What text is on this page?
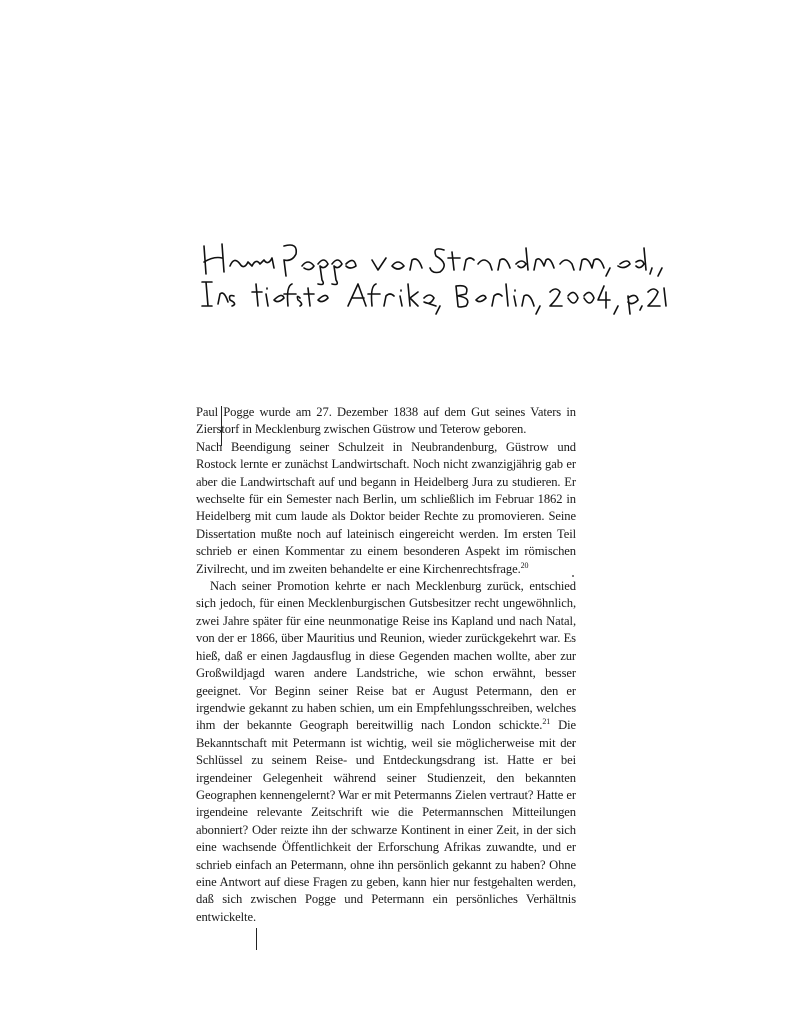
Paul Pogge wurde am 27. Dezember 1838 auf dem Gut seines Vaters in Zierstorf in Mecklenburg zwischen Güstrow und Teterow geboren.

Nach Beendigung seiner Schulzeit in Neubrandenburg, Güstrow und Rostock lernte er zunächst Landwirtschaft. Noch nicht zwanzigjährig gab er aber die Landwirtschaft auf und begann in Heidelberg Jura zu studieren. Er wechselte für ein Semester nach Berlin, um schließlich im Februar 1862 in Heidelberg mit cum laude als Doktor beider Rechte zu promovieren. Seine Dissertation mußte noch auf lateinisch eingereicht werden. Im ersten Teil schrieb er einen Kommentar zu einem besonderen Aspekt im römischen Zivilrecht, und im zweiten behandelte er eine Kirchenrechtsfrage.$^{20}$

Nach seiner Promotion kehrte er nach Mecklenburg zurück, entschied sich jedoch, für einen Mecklenburgischen Gutsbesitzer recht ungewöhnlich, zwei Jahre später für eine neunmonatige Reise ins Kapland und nach Natal, von der er 1866, über Mauritius und Reunion, wieder zurückgekehrt war. Es hieß, daß er einen Jagdausflug in diese Gegenden machen wollte, aber zur Großwildjagd waren andere Landstriche, wie schon erwähnt, besser geeignet. Vor Beginn seiner Reise bat er August Petermann, den er irgendwie gekannt zu haben schien, um ein Empfehlungsschreiben, welches ihm der bekannte Geograph bereitwillig nach London schickte.$^{21}$ Die Bekanntschaft mit Petermann ist wichtig, weil sie möglicherweise mit der Schlüssel zu seinem Reise- und Entdeckungsdrang ist. Hatte er bei irgendeiner Gelegenheit während seiner Studienzeit, den bekannten Geographen kennengelernt? War er mit Petermanns Zielen vertraut? Hatte er irgendeine relevante Zeitschrift wie die Petermannschen Mitteilungen abonniert? Oder reizte ihn der schwarze Kontinent in einer Zeit, in der sich eine wachsende Öffentlichkeit der Erforschung Afrikas zuwandte, und er schrieb einfach an Petermann, ohne ihn persönlich gekannt zu haben? Ohne eine Antwort auf diese Fragen zu geben, kann hier nur festgehalten werden, daß sich zwischen Pogge und Petermann ein persönliches Verhältnis entwickelte.
